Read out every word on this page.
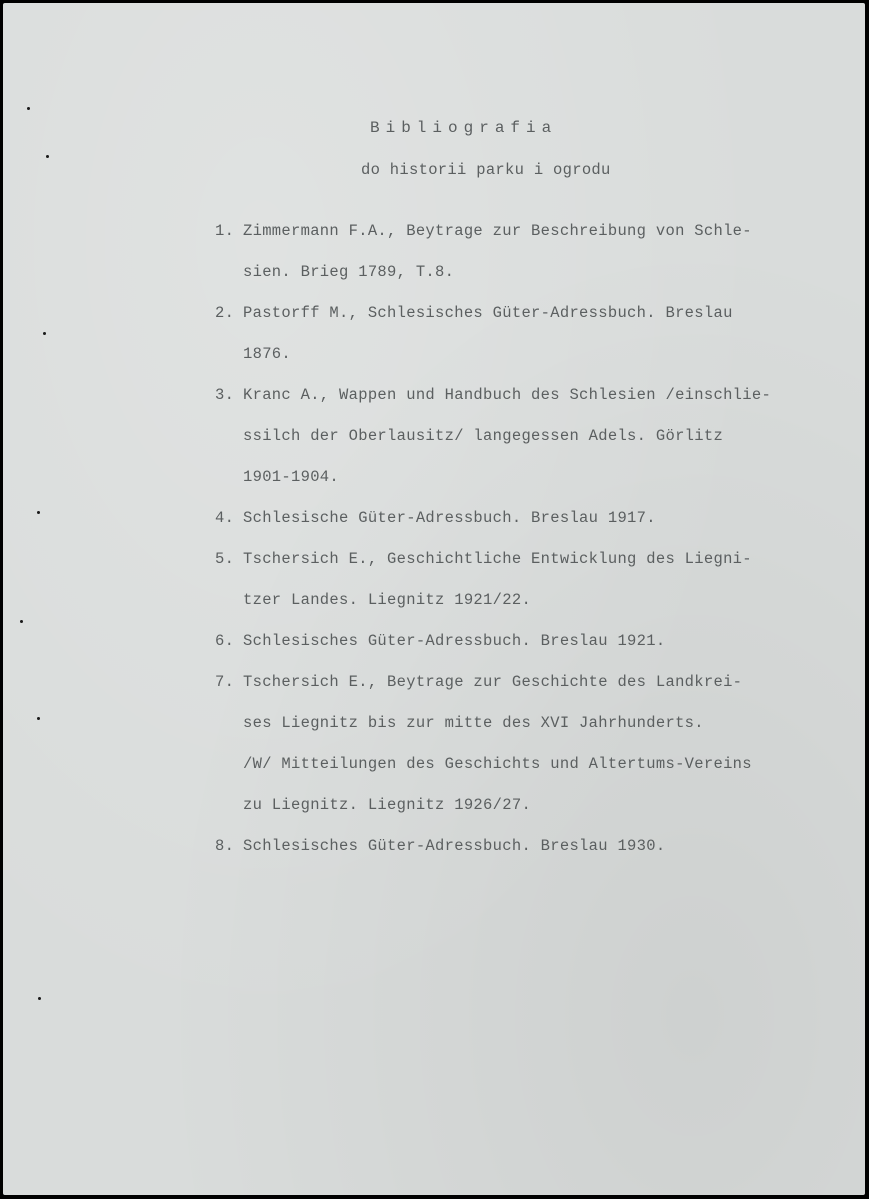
Bibliografia
do historii parku i ogrodu
1. Zimmermann F.A., Beytrage zur Beschreibung von Schle-
sien. Brieg 1789, T.8.
2. Pastorff M., Schlesisches Güter-Adressbuch. Breslau
1876.
3. Kranc A., Wappen und Handbuch des Schlesien /einschlie-
ssilch der Oberlausitz/ langegessen Adels. Görlitz
1901-1904.
4. Schlesische Güter-Adressbuch. Breslau 1917.
5. Tschersich E., Geschichtliche Entwicklung des Liegni-
tzer Landes. Liegnitz 1921/22.
6. Schlesisches Güter-Adressbuch. Breslau 1921.
7. Tschersich E., Beytrage zur Geschichte des Landkrei-
ses Liegnitz bis zur mitte des XVI Jahrhunderts.
/W/ Mitteilungen des Geschichts und Altertums-Vereins
zu Liegnitz. Liegnitz 1926/27.
8. Schlesisches Güter-Adressbuch. Breslau 1930.
